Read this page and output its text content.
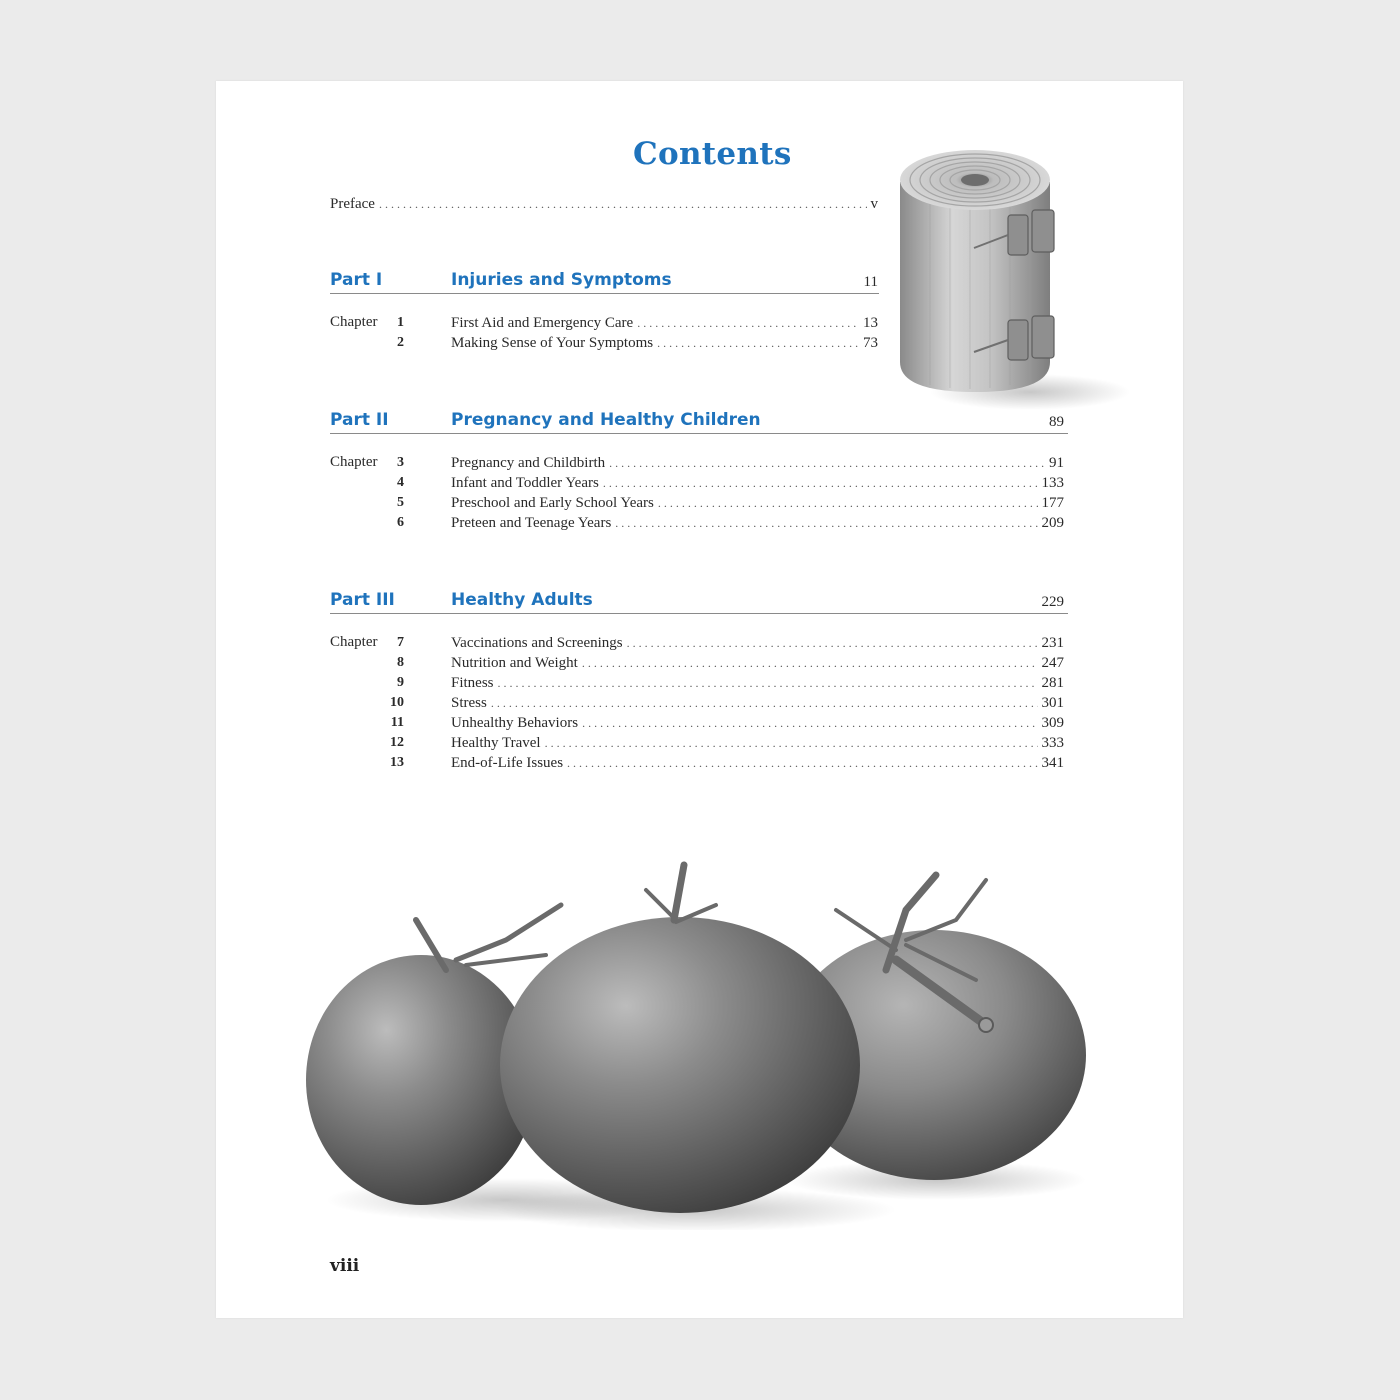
Contents
Preface . . .	v
Part I	Injuries and Symptoms	11
Chapter	1	First Aid and Emergency Care . . .	13
2	Making Sense of Your Symptoms . . .	73
Part II	Pregnancy and Healthy Children	89
Chapter	3	Pregnancy and Childbirth . . .	91
4	Infant and Toddler Years . . .	133
5	Preschool and Early School Years . . .	177
6	Preteen and Teenage Years . . .	209
Part III	Healthy Adults	229
Chapter	7	Vaccinations and Screenings . . .	231
8	Nutrition and Weight . . .	247
9	Fitness . . .	281
10	Stress . . .	301
11	Unhealthy Behaviors . . .	309
12	Healthy Travel . . .	333
13	End-of-Life Issues . . .	341
viii
